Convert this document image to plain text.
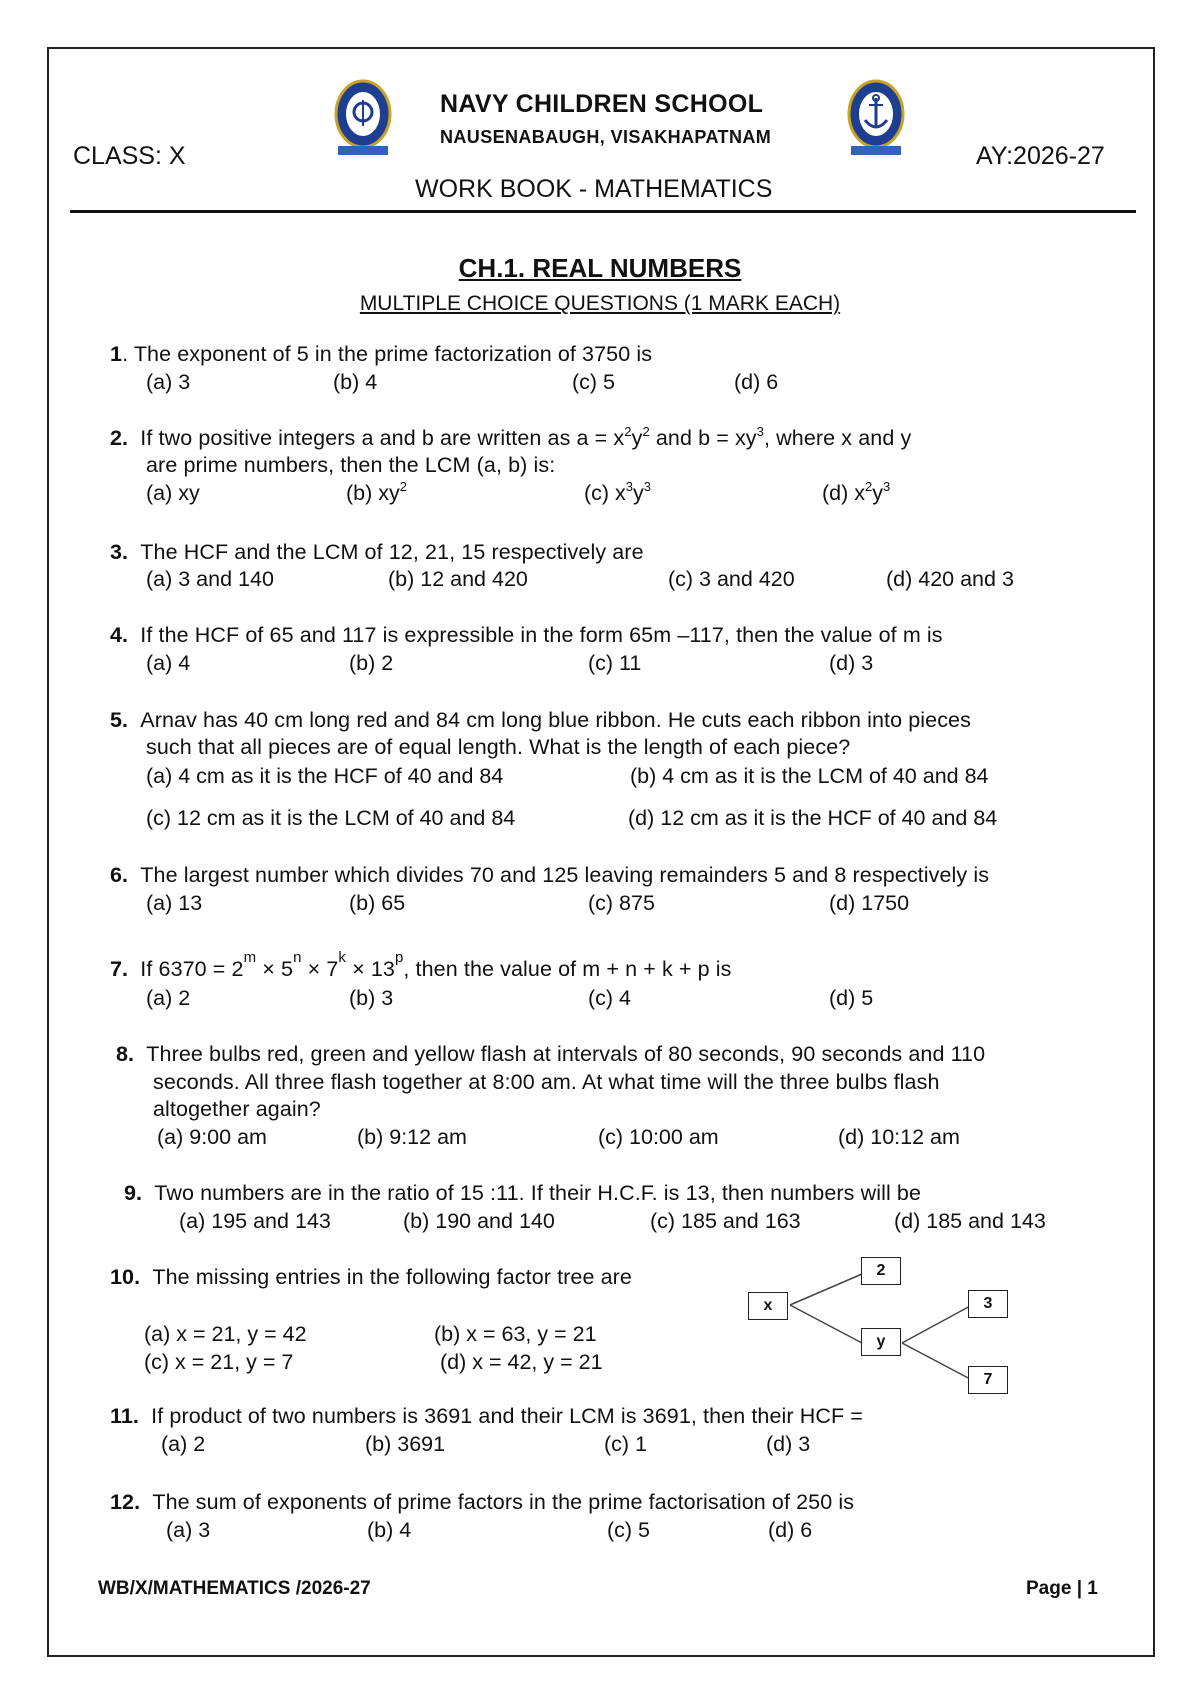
CLASS: X	AY:2026-27
NAVY CHILDREN SCHOOL
NAUSENABAUGH, VISAKHAPATNAM
WORK BOOK - MATHEMATICS
CH.1. REAL NUMBERS
MULTIPLE CHOICE QUESTIONS (1 MARK EACH)
1. The exponent of 5 in the prime factorization of 3750 is
(a) 3	(b) 4	(c) 5	(d) 6
2. If two positive integers a and b are written as $a = x^2y^2$ and $b = xy^3$, where x and y
are prime numbers, then the LCM (a, b) is:
(a) xy	(b) $xy^2$	(c) $x^3y^3$	(d) $x^2y^3$
3. The HCF and the LCM of 12, 21, 15 respectively are
(a) 3 and 140	(b) 12 and 420	(c) 3 and 420	(d) 420 and 3
4. If the HCF of 65 and 117 is expressible in the form 65m –117, then the value of m is
(a) 4	(b) 2	(c) 11	(d) 3
5. Arnav has 40 cm long red and 84 cm long blue ribbon. He cuts each ribbon into pieces
such that all pieces are of equal length. What is the length of each piece?
(a) 4 cm as it is the HCF of 40 and 84	(b) 4 cm as it is the LCM of 40 and 84
(c) 12 cm as it is the LCM of 40 and 84	(d) 12 cm as it is the HCF of 40 and 84
6. The largest number which divides 70 and 125 leaving remainders 5 and 8 respectively is
(a) 13	(b) 65	(c) 875	(d) 1750
7.  If $6370 = 2^m \times 5^n \times 7^k \times 13^p$, then the value of m + n + k + p is
(a) 2	(b) 3	(c) 4	(d) 5
8. Three bulbs red, green and yellow flash at intervals of 80 seconds, 90 seconds and 110
seconds. All three flash together at 8:00 am. At what time will the three bulbs flash
altogether again?
(a) 9:00 am	(b) 9:12 am	(c) 10:00 am	(d) 10:12 am
9. Two numbers are in the ratio of 15 :11. If their H.C.F. is 13, then numbers will be
(a) 195 and 143	(b) 190 and 140	(c) 185 and 163	(d) 185 and 143
10. The missing entries in the following factor tree are
(a) x = 21, y = 42	(b) x = 63, y = 21
(c) x = 21, y = 7	(d) x = 42, y = 21
x
2
y
3
7
11. If product of two numbers is 3691 and their LCM is 3691, then their HCF =
(a) 2	(b) 3691	(c) 1	(d) 3
12. The sum of exponents of prime factors in the prime factorisation of 250 is
(a) 3	(b) 4	(c) 5	(d) 6
WB/X/MATHEMATICS /2026-27	Page | 1
